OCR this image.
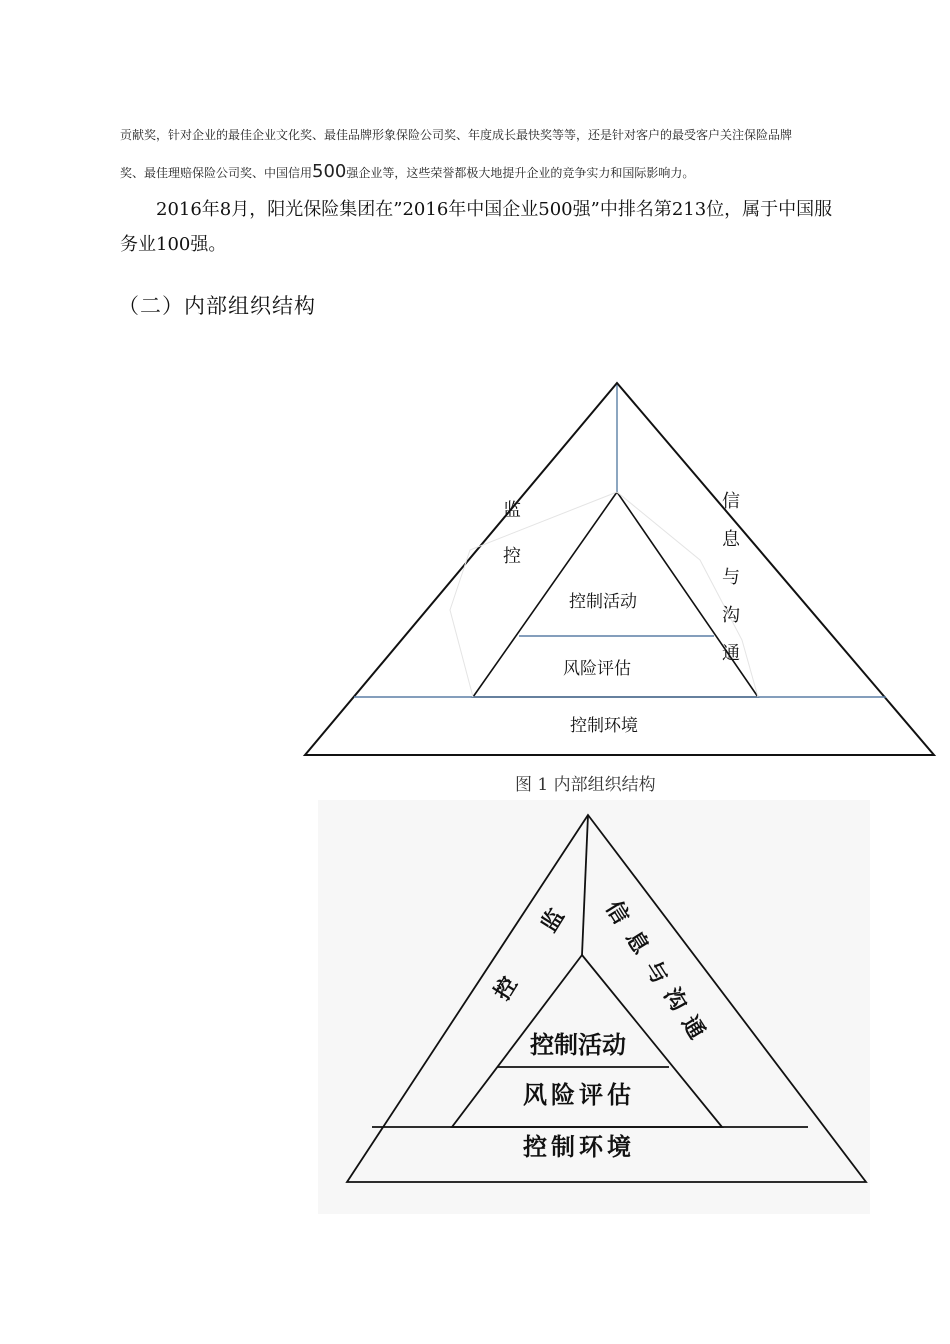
贡献奖，针对企业的最佳企业文化奖、最佳品牌形象保险公司奖、年度成长最快奖等等，还是针对客户的最受客户关注保险品牌

奖、最佳理赔保险公司奖、中国信用500强企业等，这些荣誉都极大地提升企业的竞争实力和国际影响力。

2016年8月，阳光保险集团在”2016年中国企业500强”中排名第213位，属于中国服务业100强。

（二）内部组织结构
监
控
信
息
与
沟
通
控制活动
风险评估
控制环境

图 1 内部组织结构

监
控
信
息
与
沟
通
控制活动
风险评估
控制环境
